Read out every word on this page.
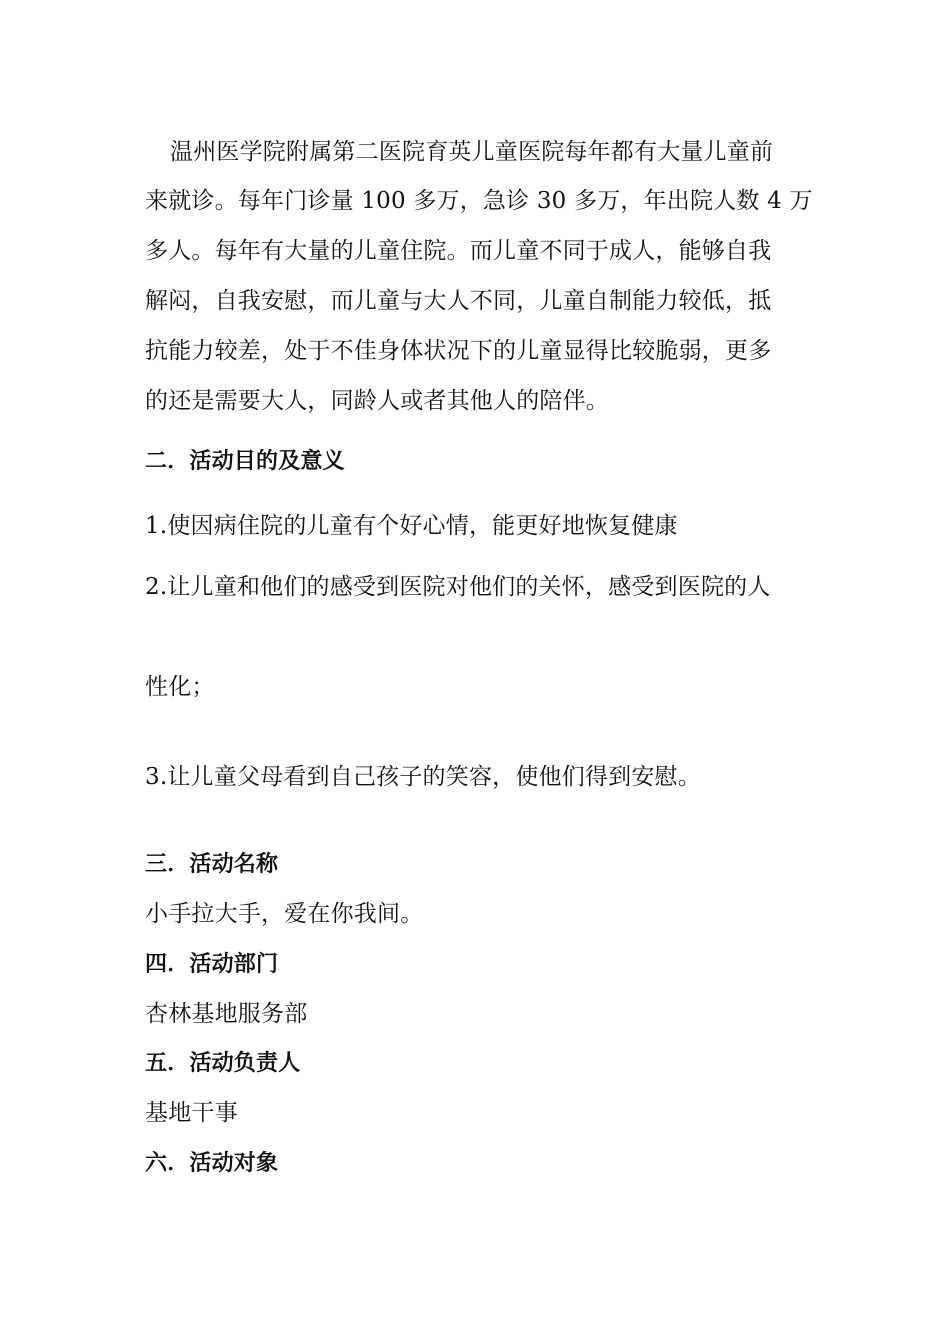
温州医学院附属第二医院育英儿童医院每年都有大量儿童前
来就诊。每年门诊量 100 多万，急诊 30 多万，年出院人数 4 万
多人。每年有大量的儿童住院。而儿童不同于成人，能够自我
解闷，自我安慰，而儿童与大人不同，儿童自制能力较低，抵
抗能力较差，处于不佳身体状况下的儿童显得比较脆弱，更多
的还是需要大人，同龄人或者其他人的陪伴。
二．活动目的及意义
1.使因病住院的儿童有个好心情，能更好地恢复健康
2.让儿童和他们的感受到医院对他们的关怀，感受到医院的人
性化；
3.让儿童父母看到自己孩子的笑容，使他们得到安慰。
三．活动名称
小手拉大手，爱在你我间。
四．活动部门
杏林基地服务部
五．活动负责人
基地干事
六．活动对象
